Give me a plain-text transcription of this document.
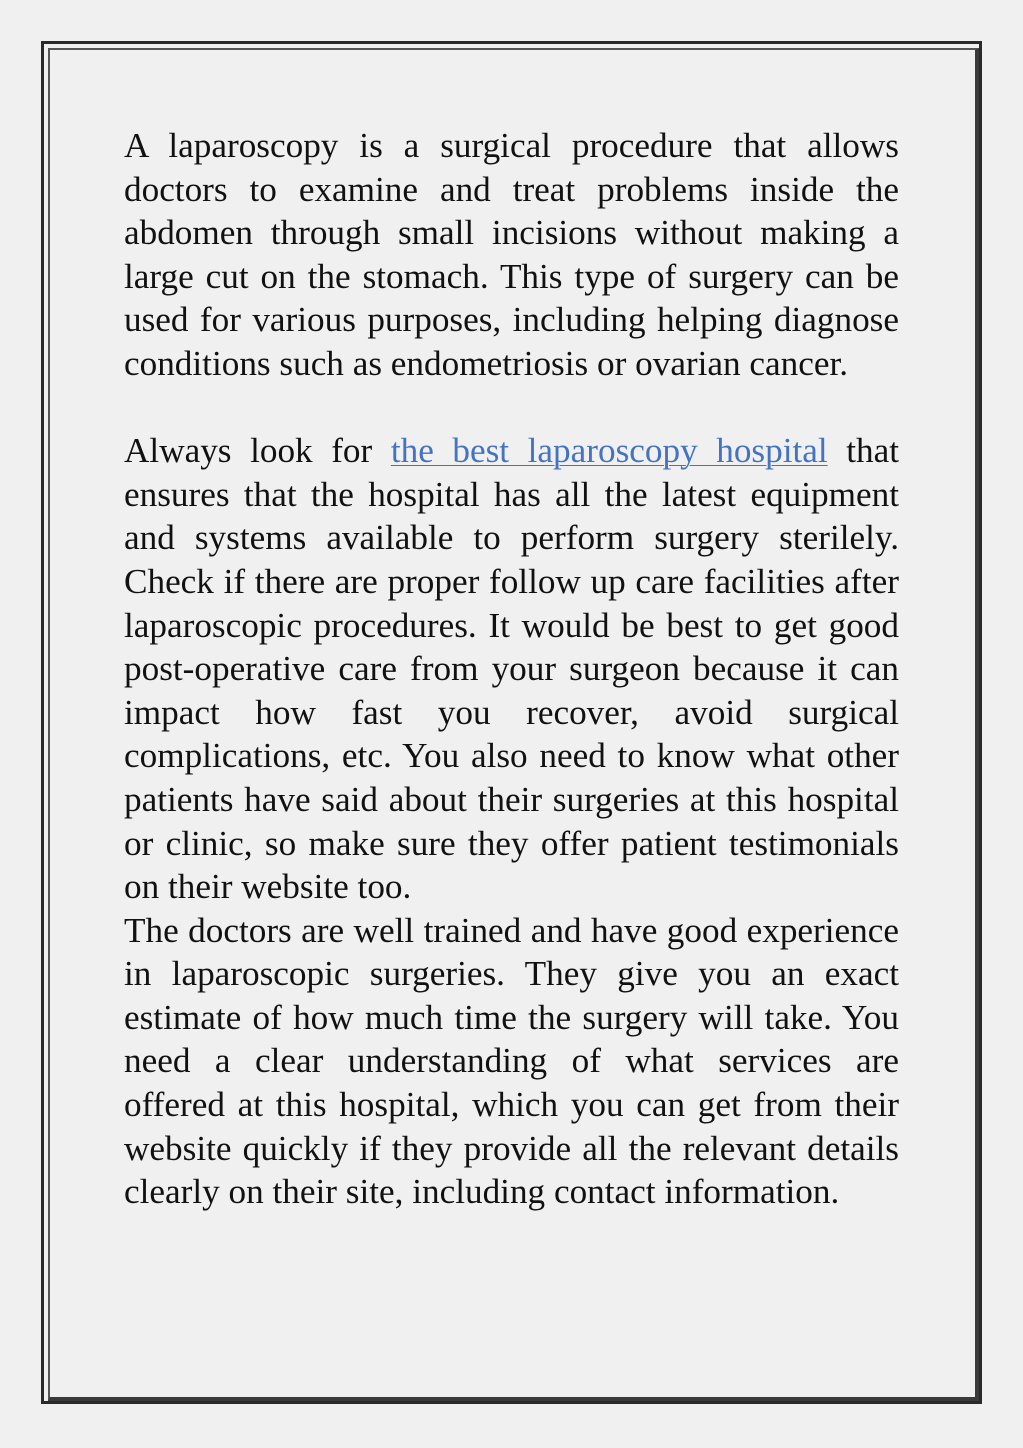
A laparoscopy is a surgical procedure that allows doctors to examine and treat problems inside the abdomen through small incisions without making a large cut on the stomach. This type of surgery can be used for various purposes, including helping diagnose conditions such as endometriosis or ovarian cancer.

Always look for the best laparoscopy hospital that ensures that the hospital has all the latest equipment and systems available to perform surgery sterilely. Check if there are proper follow up care facilities after laparoscopic procedures. It would be best to get good post-operative care from your surgeon because it can impact how fast you recover, avoid surgical complications, etc. You also need to know what other patients have said about their surgeries at this hospital or clinic, so make sure they offer patient testimonials on their website too.

The doctors are well trained and have good experience in laparoscopic surgeries. They give you an exact estimate of how much time the surgery will take. You need a clear understanding of what services are offered at this hospital, which you can get from their website quickly if they provide all the relevant details clearly on their site, including contact information.
